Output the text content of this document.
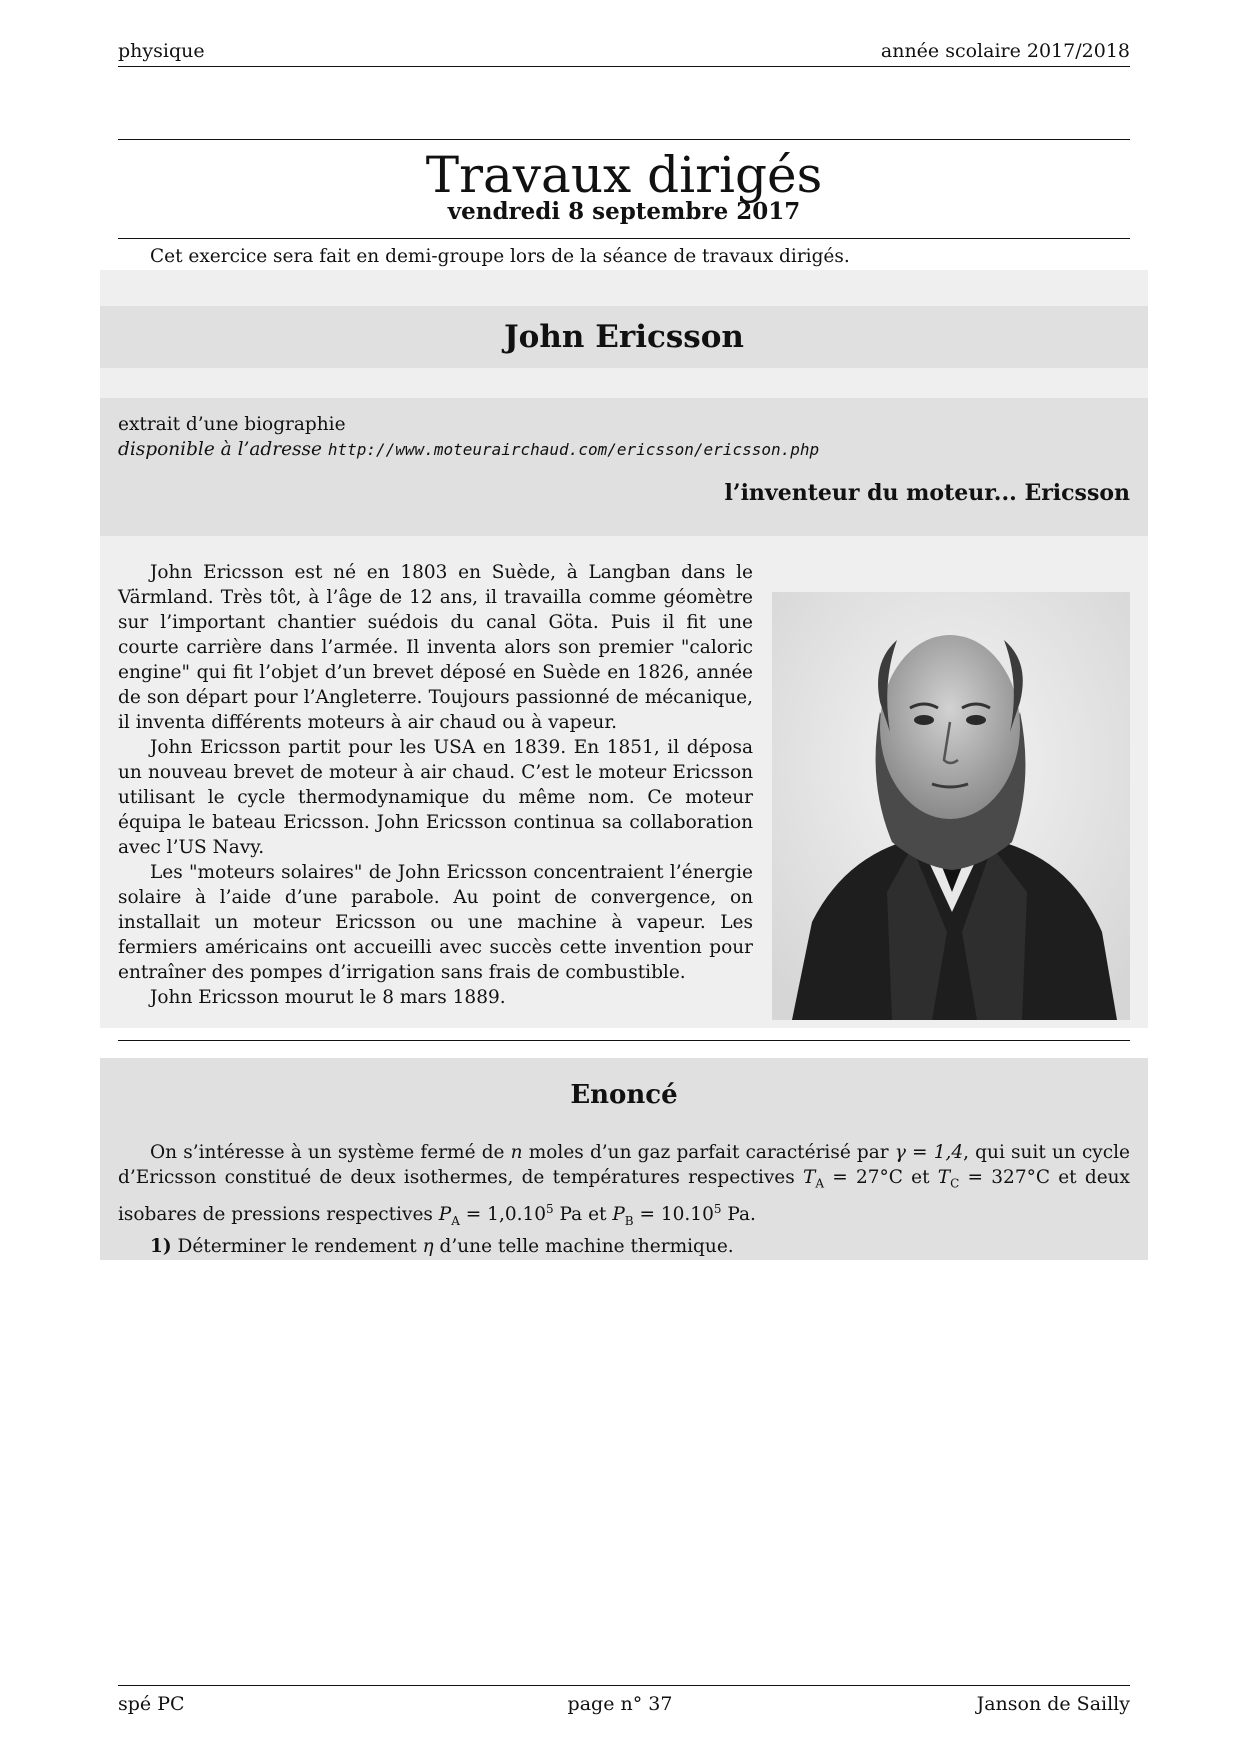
physique	année scolaire 2017/2018
Travaux dirigés
vendredi 8 septembre 2017
Cet exercice sera fait en demi-groupe lors de la séance de travaux dirigés.
John Ericsson
extrait d’une biographie
disponible à l’adresse http://www.moteurairchaud.com/ericsson/ericsson.php
l’inventeur du moteur... Ericsson

John Ericsson est né en 1803 en Suède, à Langban dans le Värmland. Très tôt, à l’âge de 12 ans, il travailla comme géomètre sur l’important chantier suédois du canal Göta. Puis il fit une courte carrière dans l’armée. Il inventa alors son premier "caloric engine" qui fit l’objet d’un brevet déposé en Suède en 1826, année de son départ pour l’Angleterre. Toujours passionné de mécanique, il inventa différents moteurs à air chaud ou à vapeur.

John Ericsson partit pour les USA en 1839. En 1851, il déposa un nouveau brevet de moteur à air chaud. C’est le moteur Ericsson utilisant le cycle thermodynamique du même nom. Ce moteur équipa le bateau Ericsson. John Ericsson continua sa collaboration avec l’US Navy.

Les "moteurs solaires" de John Ericsson concentraient l’énergie solaire à l’aide d’une parabole. Au point de convergence, on installait un moteur Ericsson ou une machine à vapeur. Les fermiers américains ont accueilli avec succès cette invention pour entraîner des pompes d’irrigation sans frais de combustible.

John Ericsson mourut le 8 mars 1889.

Enoncé

On s’intéresse à un système fermé de n moles d’un gaz parfait caractérisé par γ = 1,4, qui suit un cycle d’Ericsson constitué de deux isothermes, de températures respectives $T_A = 27^\circ C$ et $T_C = 327^\circ C$ et deux isobares de pressions respectives $P_A = 1,0.10^5$ Pa et $P_B = 10.10^5$ Pa.

1) Déterminer le rendement η d’une telle machine thermique.

spé PC	page n° 37	Janson de Sailly
